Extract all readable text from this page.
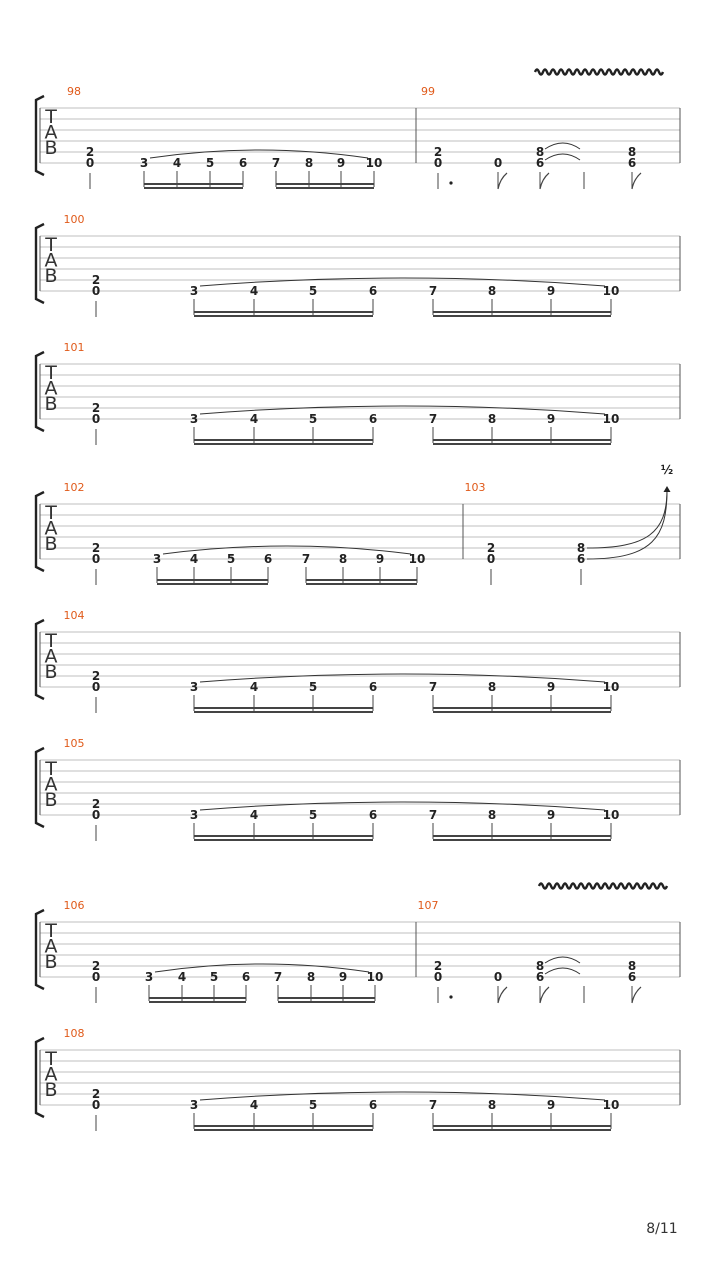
T
A
B
98
2
0	3 4 5 6 7 8 9 10
99
2
0	0
8
6
8
6
T
A
B
100
2
0	3	4	5	6	7	8	9	10
T
A
B
101
2
0	3	4	5	6	7	8	9	10
T
A
B
102
2
0	3 4 5 6 7 8 9 10
103
2
0
8
6
½
T
A
B
104
2
0	3	4	5	6	7	8	9	10
T
A
B
105
2
0	3	4	5	6	7	8	9	10
T
A
B
106
2
0	3 4 5 6 7 8 9 10
107
2
0	0
8
6
8
6
T
A
B
108
2
0	3	4	5	6	7	8	9	10
8/11
